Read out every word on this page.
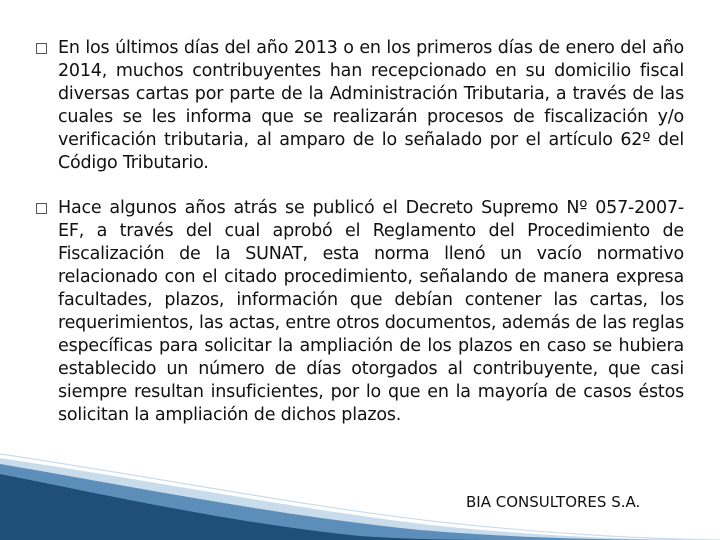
En los últimos días del año 2013 o en los primeros días de enero del año 2014, muchos contribuyentes han recepcionado en su domicilio fiscal diversas cartas por parte de la Administración Tributaria, a través de las cuales se les informa que se realizarán procesos de fiscalización y/o verificación tributaria, al amparo de lo señalado por el artículo 62º del Código Tributario.

Hace algunos años atrás se publicó el Decreto Supremo Nº 057-2007-EF, a través del cual aprobó el Reglamento del Procedimiento de Fiscalización de la SUNAT, esta norma llenó un vacío normativo relacionado con el citado procedimiento, señalando de manera expresa facultades, plazos, información que debían contener las cartas, los requerimientos, las actas, entre otros documentos, además de las reglas específicas para solicitar la ampliación de los plazos en caso se hubiera establecido un número de días otorgados al contribuyente, que casi siempre resultan insuficientes, por lo que en la mayoría de casos éstos solicitan la ampliación de dichos plazos.

BIA CONSULTORES S.A.
